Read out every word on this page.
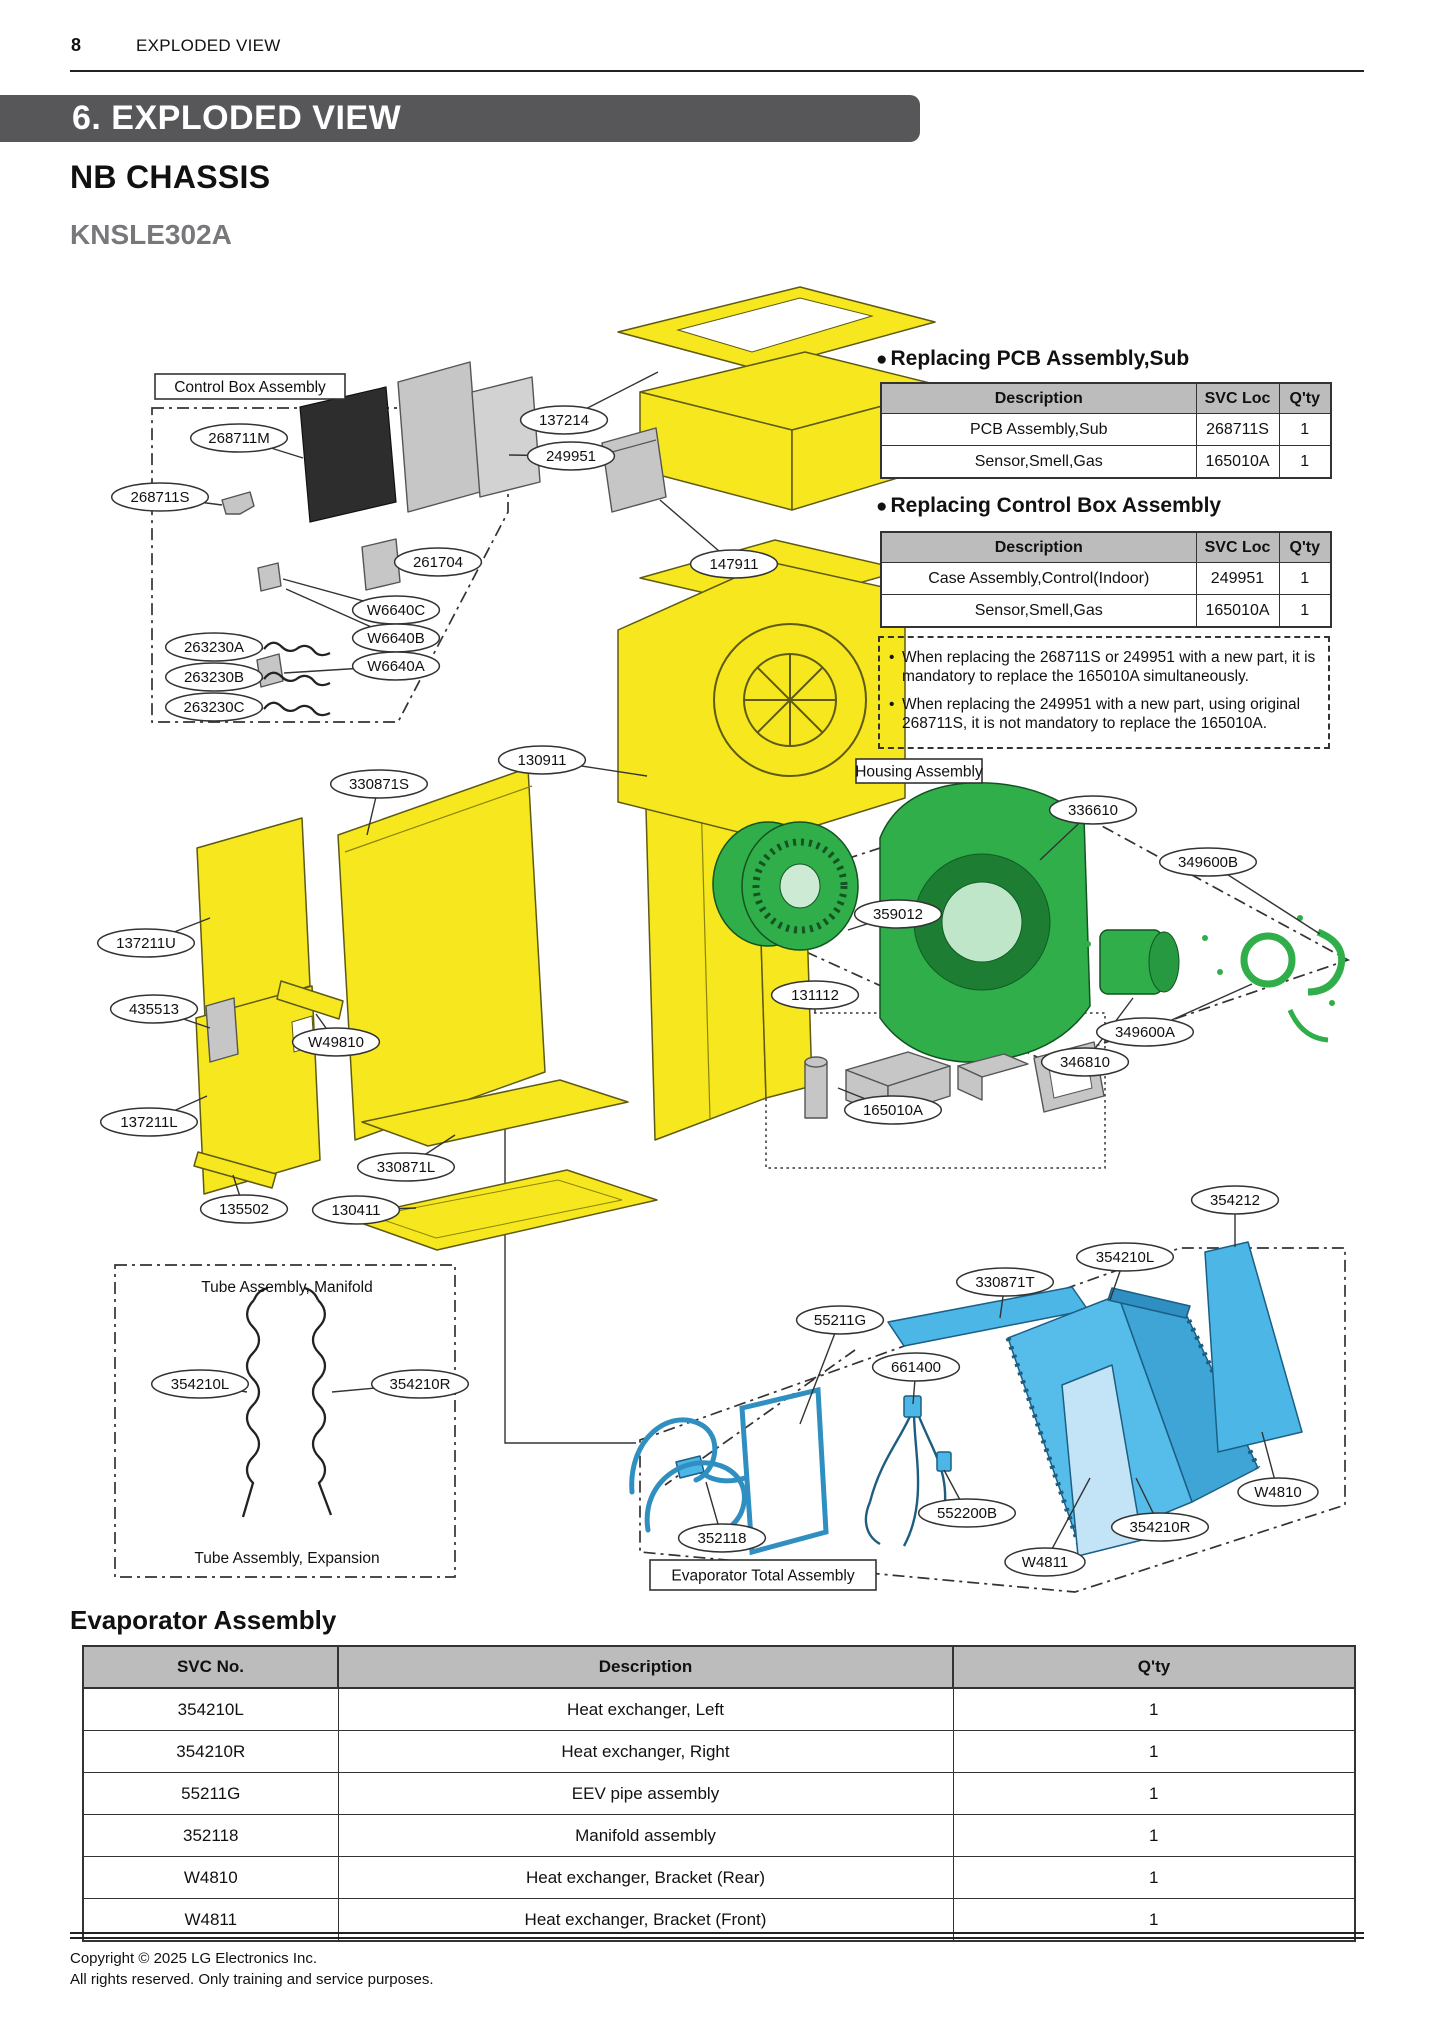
137214
249951
268711M
268711S
261704	147911
W6640C
W6640B
W6640A
263230A
263230B
263230C
130911
330871S
336610
349600B
359012
137211U
131112
435513
349600A
W49810
346810
165010A
137211L
330871L
354212
135502	130411
354210L
330871T
55211G
661400
354210L	354210R
W4810
552200B
354210R
352118
W4811
Control Box Assembly
Housing Assembly
Evaporator Total Assembly
Tube Assembly, Manifold
Tube Assembly, Expansion
8	EXPLODED VIEW
6. EXPLODED VIEW
NB CHASSIS
KNSLE302A
● Replacing PCB Assembly,Sub
Description	SVC Loc	Q'ty
PCB Assembly,Sub	268711S	1
Sensor,Smell,Gas	165010A	1
● Replacing Control Box Assembly
Description	SVC Loc	Q'ty
Case Assembly,Control(Indoor)	249951	1
Sensor,Smell,Gas	165010A	1
• When replacing the 268711S or 249951 with a new part, it is mandatory to replace the 165010A simultaneously.
• When replacing the 249951 with a new part, using original 268711S, it is not mandatory to replace the 165010A.
Evaporator Assembly
SVC No.	Description	Q'ty
354210L	Heat exchanger, Left	1
354210R	Heat exchanger, Right	1
55211G	EEV pipe assembly	1
352118	Manifold assembly	1
W4810	Heat exchanger, Bracket (Rear)	1
W4811	Heat exchanger, Bracket (Front)	1
Copyright © 2025 LG Electronics Inc.
All rights reserved. Only training and service purposes.
